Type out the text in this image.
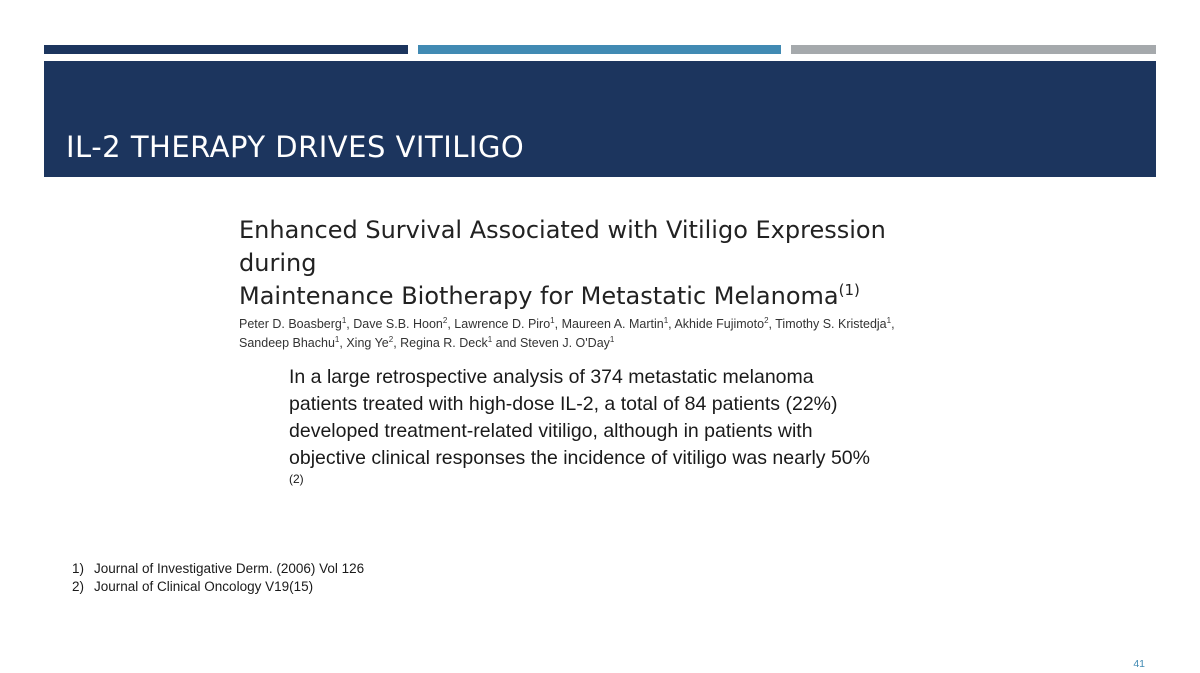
IL-2 THERAPY DRIVES VITILIGO
Enhanced Survival Associated with Vitiligo Expression during
Maintenance Biotherapy for Metastatic Melanoma$^{(1)}$

Peter D. Boasberg$^1$, Dave S.B. Hoon$^2$, Lawrence D. Piro$^1$, Maureen A. Martin$^1$, Akhide Fujimoto$^2$, Timothy S. Kristedja$^1$, Sandeep Bhachu$^1$, Xing Ye$^2$, Regina R. Deck$^1$ and Steven J. O'Day$^1$

In a large retrospective analysis of 374 metastatic melanoma patients treated with high-dose IL-2, a total of 84 patients (22%) developed treatment-related vitiligo, although in patients with objective clinical responses the incidence of vitiligo was nearly 50% $^{(2)}$

1) Journal of Investigative Derm. (2006) Vol 126
2) Journal of Clinical Oncology V19(15)
41
